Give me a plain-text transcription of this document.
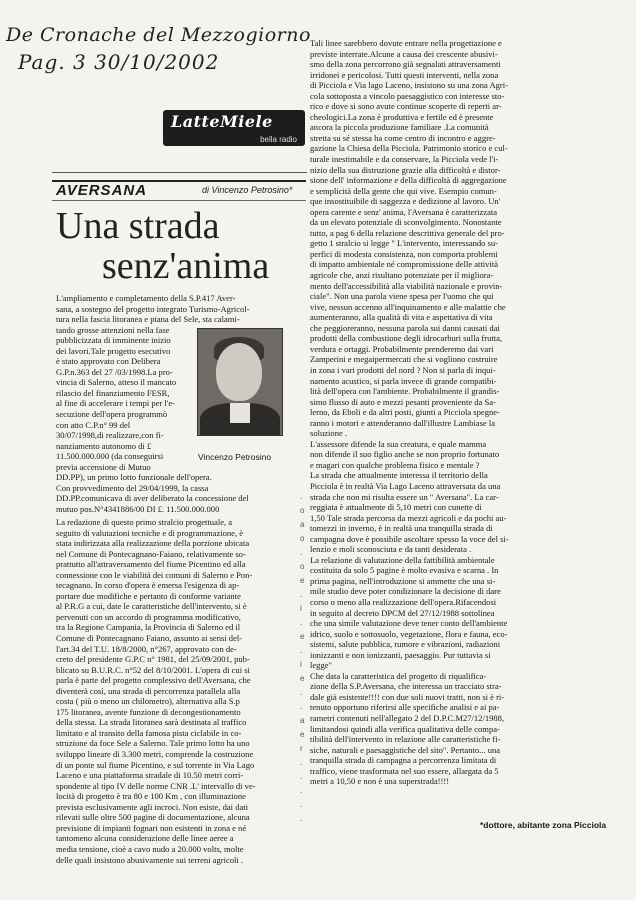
De Cronache del Mezzogiorno
Pag. 3 30/10/2002
LatteMiele
bella radio
AVERSANA	di Vincenzo Petrosino*
Una strada
senz'anima
Vincenzo Petrosino
L'ampliamento e completamento della S.P.417 Aver-
sana, a sostegno del progetto integrato Turismo-Agricol-
tura nella fascia litoranea e piana del Sele, sta calami-
tando grosse attenzioni nella fase
pubblicizzata di imminente inizio
dei lavori.Tale progetto esecutivo
è stato approvato con Delibera
G.P.n.363 del 27 /03/1998.La pro-
vincia di Salerno, atteso il mancato
rilascio del finanziamento FESR,
al fine di accelerare i tempi per l'e-
secuzione dell'opera programmò
con atto C.P.n° 99 del
30/07/1998,di realizzare,con fi-
nanziamento autonomo di £
11.500.000.000 (da conseguirsi
previa accensione di Mutuo
DD.PP), un primo lotto funzionale dell'opera.
Con provvedimento del 29/04/1999, la cassa
DD.PP.comunicava di aver deliberato la concessione del
mutuo pos.N°4341886/00 DI £. 11.500.000.000
La redazione di questo primo stralcio progettuale, a
seguito di valutazioni tecniche e di programmazione, è
stata indirizzata alla realizzazione della porzione ubicata
nel Comune di Pontecagnano-Faiano, relativamente so-
prattutto all'attraversamento del fiume Picentino ed alla
connessione con le viabilità dei comuni di Salerno e Pon-
tecagnano. In corso d'opera è emersa l'esigenza di ap-
portare due modifiche e pertanto di conforme variante
al P.R.G a cui, date le caratteristiche dell'intervento, si è
pervenuti con un accordo di programma modificativo,
tra la Regione Campania, la Provincia di Salerno ed il
Comune di Pontecagnano Faiano, assunto ai sensi del-
l'art.34 del T.U. 18/8/2000, n°267, approvato con de-
creto del presidente G.P.C n° 1981, del 25/09/2001, pub-
blicato su B.U.R.C. n°52 del 8/10/2001. L'opera di cui si
parla è parte del progetto complessivo dell'Aversana, che
diventerà così, una strada di percorrenza parallela alla
costa ( più o meno un chilometro), alternativa alla S.p
175 litoranea, avente funzione di decongestionamento
della stessa. La strada litoranea sarà destinata al traffico
limitato e al transito della famosa pista ciclabile in co-
struzione da foce Sele a Salerno. Tale primo lotto ha uno
sviluppo lineare di 3.300 metri, comprende la costruzione
di un ponte sul fiume Picentino, e sul torrente in Via Lago
Laceno e una piattaforma stradale di 10.50 metri corri-
spondente al tipo IV delle norme CNR .L' intervallo di ve-
locità di progetto è tra 80 e 100 Km , con illuminazione
prevista esclusivamente agli incroci. Non esiste, dai dati
rilevati sulle oltre 500 pagine di documentazione, alcuna
previsione di impianti fognari non esistenti in zona e né
tantomeno alcuna considerazione delle linee aeree a
media tensione, cioè a cavo nudo a 20.000 volts, molte
delle quali insistono abusivamente sui terreni agricoli .
Tali linee sarebbero dovute entrare nella progettazione e
previste interrate.Alcune a causa dei crescente abusivi-
smo della zona percorrono già segnalati attraversamenti
irridonei e pericolosi. Tutti questi interventi, nella zona
di Picciola e Via lago Laceno, insistono su una zona Agri-
cola sottoposta a vincolo paesaggistico con interesse sto-
rico e dove si sono avute continue scoperte di reperti ar-
cheologici.La zona è produttiva e fertile ed è presente
ancora la piccola produzione familiare .La comunità
stretta su sé stessa ha come centro di incontro e aggre-
gazione la Chiesa della Picciola. Patrimonio storico e cul-
turale inestimabile e da conservare, la Picciola vede l'i-
nizio della sua distruzione grazie alla difficoltà e distor-
sione dell' informazione e della difficoltà di aggregazione
e semplicità della gente che qui vive. Esempio comun-
que insostituibile di saggezza e dedizione al lavoro. Un'
opera carente e senz' anima, l'Aversana è caratterizzata
da un elevato potenziale di sconvolgimento. Nonostante
tutto, a pag 6 della relazione descrittiva generale del pro-
getto 1 stralcio si legge " L'intervento, interessando su-
perfici di modesta consistenza, non comporta problemi
di impatto ambientale né compromissione delle attività
agricole che, anzi risultano potenziate per il migliora-
mento dell'accessibilità alla viabilità nazionale e provin-
ciale". Non una parola viene spesa per l'uomo che qui
vive, nessun accenno all'inquinamento e alle malattie che
aumenteranno, alla qualità di vita e aspettativa di vita
che peggioreranno, nessuna parola sui danni causati dai
prodotti della combustione degli idrocarburi sulla frutta,
verdura e ortaggi. Probabilmente prenderemo dai vari
Zamperini e megaipermercati che si vogliono costruire
in zona i vari prodotti del nord ? Non si parla di inqui-
namento acustico, si parla invece di grande compatibi-
lità dell'opera con l'ambiente. Probabilmente il grandis-
simo flusso di auto e mezzi pesanti proveniente da Sa-
lerno, da Eboli e da altri posti, giunti a Picciola spegne-
ranno i motori e attenderanno dall'illustre Lambiase la
soluzione .
L'assessore difende la sua creatura, e quale mamma
non difende il suo figlio anche se non proprio fortunato
e magari con qualche problema fisico e mentale ?
La strada che attualmente interessa il territorio della
Picciola è in realtà Via Lago Laceno attraversata da una
strada che non mi risulta essere un " Aversana". La car-
reggiata è attualmente di 5,10 metri con cunette di
1,50 Tale strada percorsa da mezzi agricoli e da pochi au-
tomezzi in inverno, è in realtà una tranquilla strada di
campagna dove è possibile ascoltare spesso la voce del si-
lenzio e moli sconosciuta e da tanti desiderata .
La relazione di valutazione della fattibilità ambientale
costituita da solo 5 pagine è molto evasiva e scarna . In
prima pagina, nell'introduzione si ammette che una si-
mile studio deve poter condizionare la decisione di dare
corso o meno alla realizzazione dell'opera.Rifacendosi
in seguito al decreto DPCM del 27/12/1988 sottolinea
che una simile valutazione deve tener conto dell'ambiente
idrico, suolo e sottosuolo, vegetazione, flora e fauna, eco-
sistemi, salute pubblica, rumore e vibrazioni, radiazioni
ionizzanti e non ionizzanti, paesaggio. Pur tuttavia si
legge"
Che data la caratteristica del progetto di riqualifica-
zione della S.P.Aversana, che interessa un tracciato stra-
dale già esistente!!!! con due soli nuovi tratti, non si è ri-
tenuto opportuno riferirsi alle specifiche analisi e ai pa-
rametri contenuti nell'allegato 2 del D.P.C.M27/12/1988,
limitandosi quindi alla verifica qualitativa delle compa-
tibilità dell'intervento in relazione alle caratteristiche fi-
siche, naturali e paesaggistiche del sito". Pertanto... una
tranquilla strada di campagna a percorrenza limitata di
traffico, viene trasformata nel suo essere, allargata da 5
metri a 10,50 e non è una superstrada!!!!
*dottore, abitante zona Picciola
.
o
a
o
.
o
e
.
i
.
e
.
i
e
.
.
a
e
r
.
.
.
.
.
